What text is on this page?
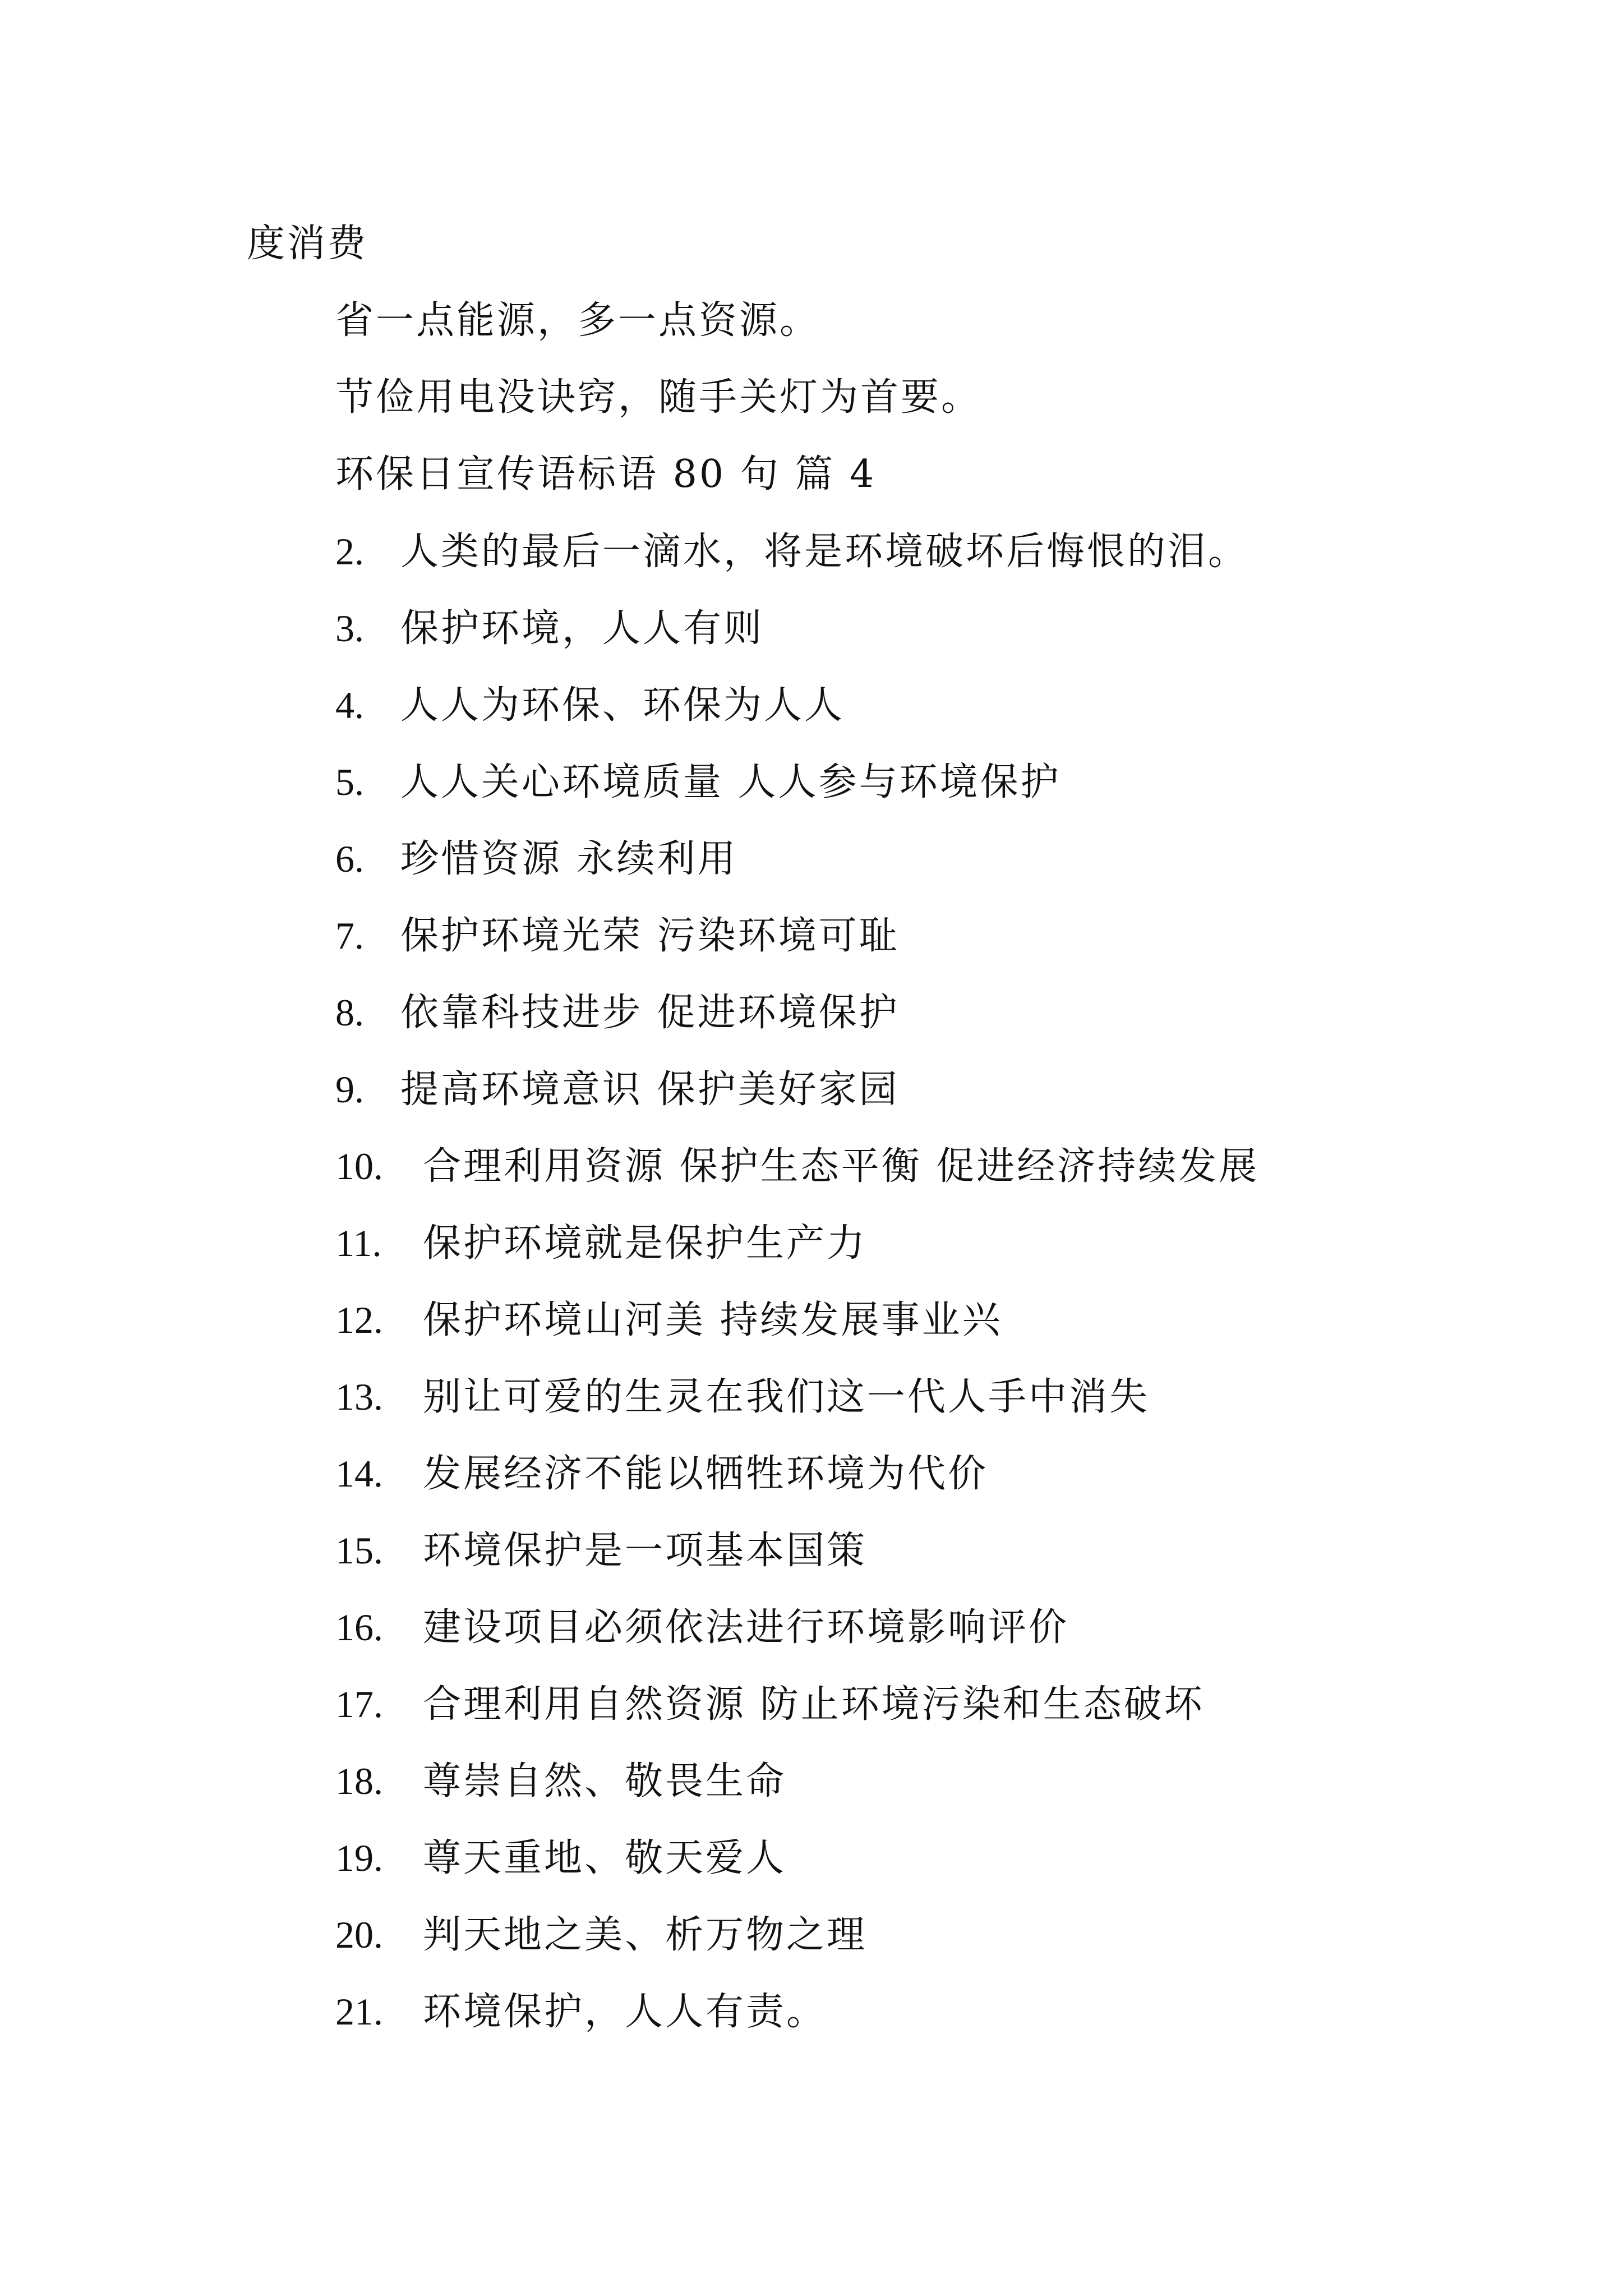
度消费
省一点能源，多一点资源。
节俭用电没诀窍，随手关灯为首要。
环保日宣传语标语 80 句 篇 4
2. 人类的最后一滴水，将是环境破坏后悔恨的泪。
3. 保护环境，人人有则
4. 人人为环保、环保为人人
5. 人人关心环境质量 人人参与环境保护
6. 珍惜资源 永续利用
7. 保护环境光荣 污染环境可耻
8. 依靠科技进步 促进环境保护
9. 提高环境意识 保护美好家园
10. 合理利用资源 保护生态平衡 促进经济持续发展
11. 保护环境就是保护生产力
12. 保护环境山河美 持续发展事业兴
13. 别让可爱的生灵在我们这一代人手中消失
14. 发展经济不能以牺牲环境为代价
15. 环境保护是一项基本国策
16. 建设项目必须依法进行环境影响评价
17. 合理利用自然资源 防止环境污染和生态破坏
18. 尊崇自然、敬畏生命
19. 尊天重地、敬天爱人
20. 判天地之美、析万物之理
21. 环境保护，人人有责。
